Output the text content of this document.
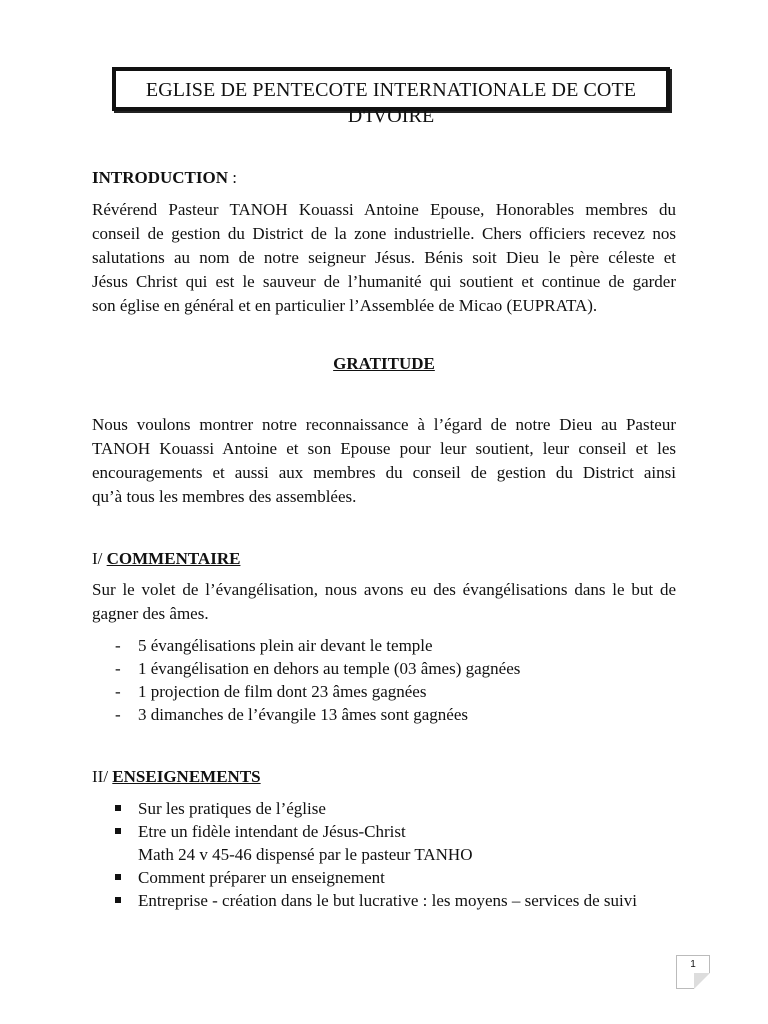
EGLISE DE PENTECOTE INTERNATIONALE DE COTE D'IVOIRE
INTRODUCTION :
Révérend Pasteur TANOH Kouassi Antoine Epouse, Honorables membres du
conseil de gestion du District de la zone industrielle. Chers officiers recevez nos
salutations au nom de notre seigneur Jésus. Bénis soit Dieu le père céleste et
Jésus Christ qui est le sauveur de l’humanité qui soutient et continue de garder
son église en général et en particulier l’Assemblée de Micao (EUPRATA).
GRATITUDE
Nous voulons montrer notre reconnaissance à l’égard de notre Dieu au Pasteur
TANOH Kouassi Antoine et son Epouse pour leur soutient, leur conseil et les
encouragements et aussi aux membres du conseil de gestion du District ainsi
qu’à tous les membres des assemblées.
I/ COMMENTAIRE
Sur le volet de l’évangélisation, nous avons eu des évangélisations dans le but de
gagner des âmes.
- 5 évangélisations plein air devant le temple
- 1 évangélisation en dehors au temple (03 âmes) gagnées
- 1 projection de film dont 23 âmes gagnées
- 3 dimanches de l’évangile 13 âmes sont gagnées
II/ ENSEIGNEMENTS
Sur les pratiques de l’église
Etre un fidèle intendant de Jésus-Christ
Math 24 v 45-46 dispensé par le pasteur TANHO
Comment préparer un enseignement
Entreprise - création dans le but lucrative : les moyens – services de suivi
1
